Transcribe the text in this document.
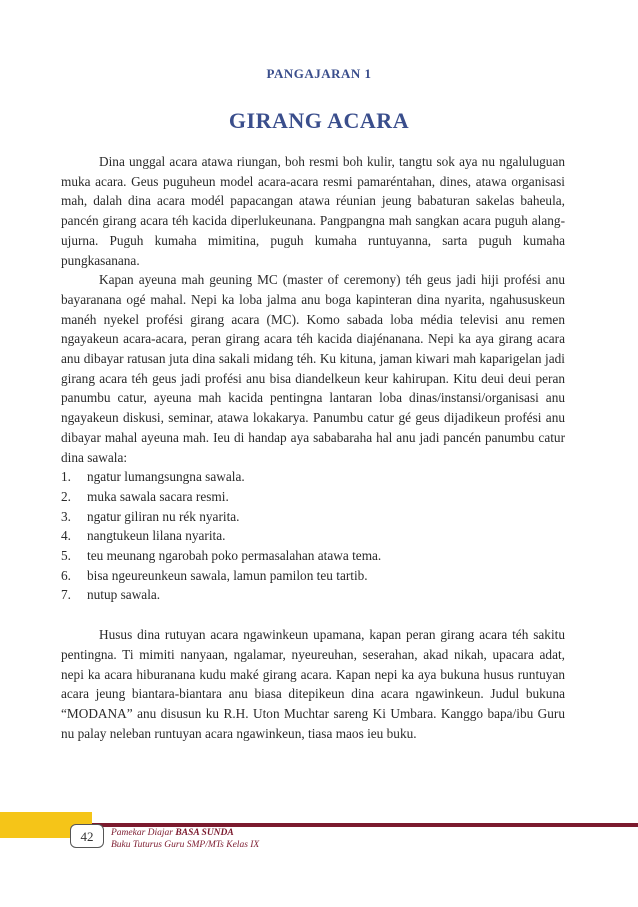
PANGAJARAN 1
GIRANG ACARA

Dina unggal acara atawa riungan, boh resmi boh kulir, tangtu sok aya nu ngaluluguan muka acara. Geus puguheun model acara-acara resmi pamaréntahan, dines, atawa organisasi mah, dalah dina acara modél papacangan atawa réunian jeung babaturan sakelas baheula, pancén girang acara téh kacida diperlukeunana. Pangpangna mah sangkan acara puguh alang-ujurna. Puguh kumaha mimitina, puguh kumaha runtuyanna, sarta puguh kumaha pungkasanana.

Kapan ayeuna mah geuning MC (master of ceremony) téh geus jadi hiji profési anu bayaranana ogé mahal. Nepi ka loba jalma anu boga kapinteran dina nyarita, ngahususkeun manéh nyekel profési girang acara (MC). Komo sabada loba média televisi anu remen ngayakeun acara-acara, peran girang acara téh kacida diajénanana. Nepi ka aya girang acara anu dibayar ratusan juta dina sakali midang téh. Ku kituna, jaman kiwari mah kaparigelan jadi girang acara téh geus jadi profési anu bisa diandelkeun keur kahirupan. Kitu deui deui peran panumbu catur, ayeuna mah kacida pentingna lantaran loba dinas/instansi/organisasi anu ngayakeun diskusi, seminar, atawa lokakarya. Panumbu catur gé geus dijadikeun profési anu dibayar mahal ayeuna mah. Ieu di handap aya sababaraha hal anu jadi pancén panumbu catur dina sawala:

1.	ngatur lumangsungna sawala.
2.	muka sawala sacara resmi.
3.	ngatur giliran nu rék nyarita.
4.	nangtukeun lilana nyarita.
5.	teu meunang ngarobah poko permasalahan atawa tema.
6.	bisa ngeureunkeun sawala, lamun pamilon teu tartib.
7.	nutup sawala.

Husus dina rutuyan acara ngawinkeun upamana, kapan peran girang acara téh sakitu pentingna. Ti mimiti nanyaan, ngalamar, nyeureuhan, seserahan, akad nikah, upacara adat, nepi ka acara hiburanana kudu maké girang acara. Kapan nepi ka aya bukuna husus runtuyan acara jeung biantara-biantara anu biasa ditepikeun dina acara ngawinkeun. Judul bukuna “MODANA” anu disusun ku R.H. Uton Muchtar sareng Ki Umbara. Kanggo bapa/ibu Guru nu palay neleban runtuyan acara ngawinkeun, tiasa maos ieu buku.

42	Pamekar Diajar BASA SUNDA
Buku Tuturus Guru SMP/MTs Kelas IX
